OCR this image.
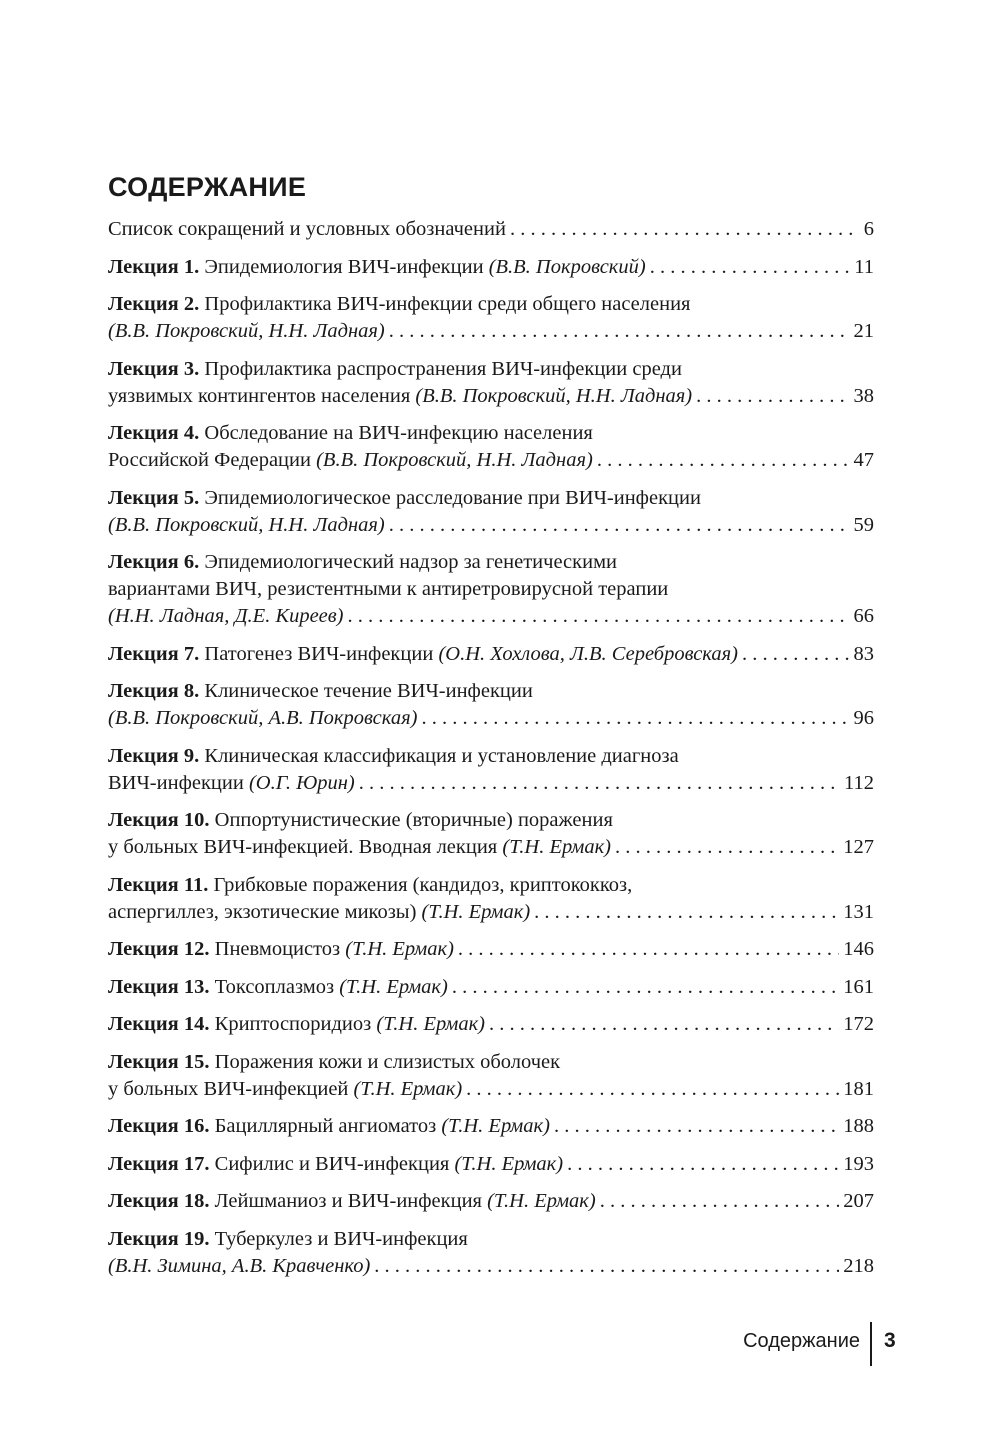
СОДЕРЖАНИЕ
Список сокращений и условных обозначений . . .	6
Лекция 1. Эпидемиология ВИЧ-инфекции (В.В. Покровский) . . .	11
Лекция 2. Профилактика ВИЧ-инфекции среди общего населения
(В.В. Покровский, Н.Н. Ладная) . . .	21
Лекция 3. Профилактика распространения ВИЧ-инфекции среди
уязвимых контингентов населения (В.В. Покровский, Н.Н. Ладная) . . .	38
Лекция 4. Обследование на ВИЧ-инфекцию населения
Российской Федерации (В.В. Покровский, Н.Н. Ладная) . . .	47
Лекция 5. Эпидемиологическое расследование при ВИЧ-инфекции
(В.В. Покровский, Н.Н. Ладная) . . .	59
Лекция 6. Эпидемиологический надзор за генетическими
вариантами ВИЧ, резистентными к антиретровирусной терапии
(Н.Н. Ладная, Д.Е. Киреев) . . .	66
Лекция 7. Патогенез ВИЧ-инфекции (О.Н. Хохлова, Л.В. Серебровская) . . .	83
Лекция 8. Клиническое течение ВИЧ-инфекции
(В.В. Покровский, А.В. Покровская) . . .	96
Лекция 9. Клиническая классификация и установление диагноза
ВИЧ-инфекции (О.Г. Юрин) . . .	112
Лекция 10. Оппортунистические (вторичные) поражения
у больных ВИЧ-инфекцией. Вводная лекция (Т.Н. Ермак) . . .	127
Лекция 11. Грибковые поражения (кандидоз, криптококкоз,
аспергиллез, экзотические микозы) (Т.Н. Ермак) . . .	131
Лекция 12. Пневмоцистоз (Т.Н. Ермак) . . .	146
Лекция 13. Токсоплазмоз (Т.Н. Ермак) . . .	161
Лекция 14. Криптоспоридиоз (Т.Н. Ермак) . . .	172
Лекция 15. Поражения кожи и слизистых оболочек
у больных ВИЧ-инфекцией (Т.Н. Ермак) . . .	181
Лекция 16. Бациллярный ангиоматоз (Т.Н. Ермак) . . .	188
Лекция 17. Сифилис и ВИЧ-инфекция (Т.Н. Ермак) . . .	193
Лекция 18. Лейшманиоз и ВИЧ-инфекция (Т.Н. Ермак) . . .	207
Лекция 19. Туберкулез и ВИЧ-инфекция
(В.Н. Зимина, А.В. Кравченко) . . .	218
Содержание 3
